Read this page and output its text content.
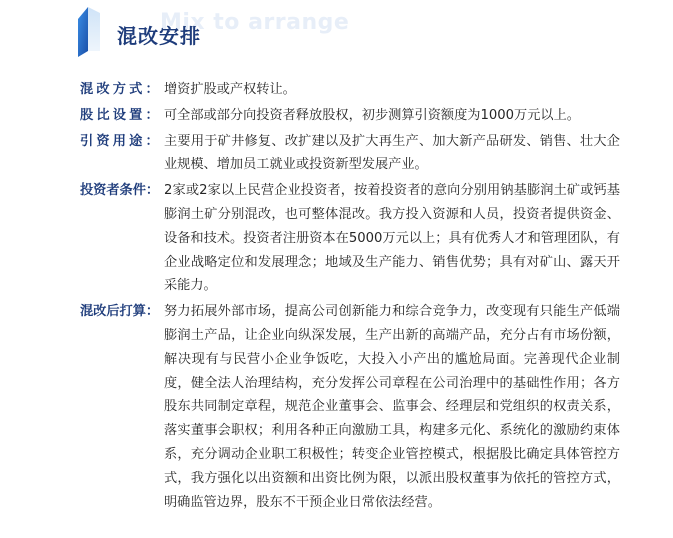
Mix to arrange
混改安排
混改方式： 增资扩股或产权转让。
股比设置： 可全部或部分向投资者释放股权，初步测算引资额度为1000万元以上。
引资用途： 主要用于矿井修复、改扩建以及扩大再生产、加大新产品研发、销售、壮大企业规模、增加员工就业或投资新型发展产业。
投资者条件： 2家或2家以上民营企业投资者，按着投资者的意向分别用钠基膨润土矿或钙基膨润土矿分别混改，也可整体混改。我方投入资源和人员，投资者提供资金、设备和技术。投资者注册资本在5000万元以上；具有优秀人才和管理团队，有企业战略定位和发展理念；地域及生产能力、销售优势；具有对矿山、露天开采能力。
混改后打算： 努力拓展外部市场，提高公司创新能力和综合竞争力，改变现有只能生产低端膨润土产品，让企业向纵深发展，生产出新的高端产品，充分占有市场份额，解决现有与民营小企业争饭吃，大投入小产出的尴尬局面。完善现代企业制度，健全法人治理结构，充分发挥公司章程在公司治理中的基础性作用；各方股东共同制定章程，规范企业董事会、监事会、经理层和党组织的权责关系，落实董事会职权；利用各种正向激励工具，构建多元化、系统化的激励约束体系，充分调动企业职工积极性；转变企业管控模式，根据股比确定具体管控方式，我方强化以出资额和出资比例为限，以派出股权董事为依托的管控方式，明确监管边界，股东不干预企业日常依法经营。
